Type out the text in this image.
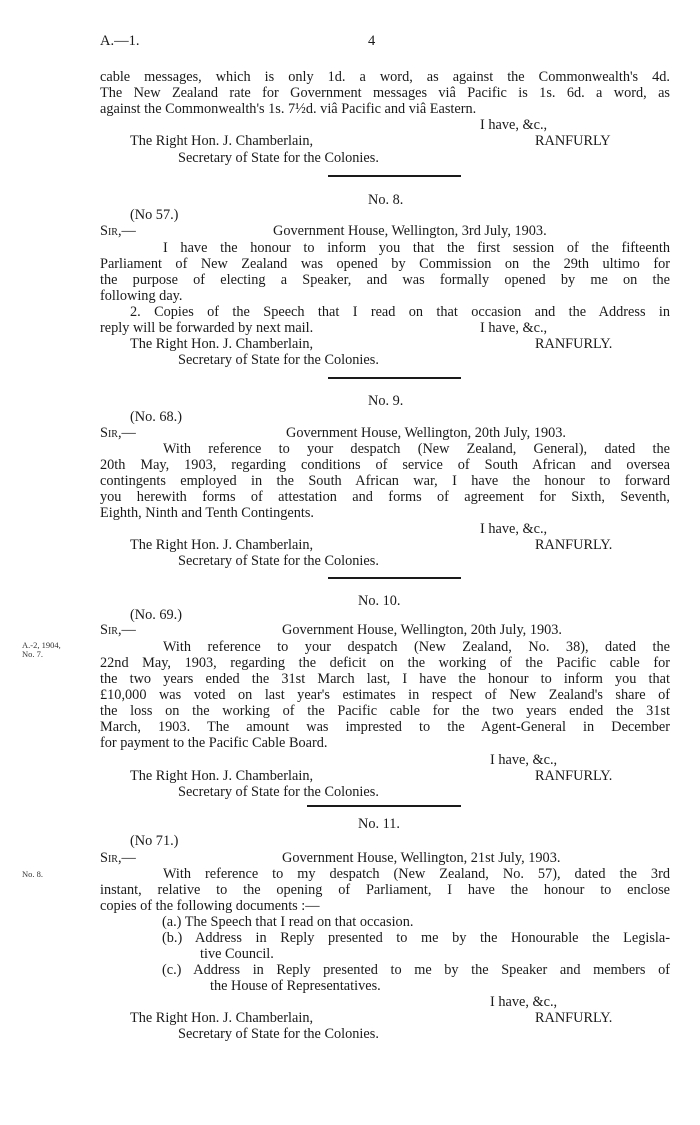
A.—1.	4
cable messages, which is only 1d. a word, as against the Commonwealth's 4d.
The New Zealand rate for Government messages viâ Pacific is 1s. 6d. a word, as
against the Commonwealth's 1s. 7½d. viâ Pacific and viâ Eastern.
I have, &c.,
The Right Hon. J. Chamberlain,	RANFURLY
Secretary of State for the Colonies.
No. 8.
(No 57.)
Sir,—	Government House, Wellington, 3rd July, 1903.
I have the honour to inform you that the first session of the fifteenth
Parliament of New Zealand was opened by Commission on the 29th ultimo for
the purpose of electing a Speaker, and was formally opened by me on the
following day.
2. Copies of the Speech that I read on that occasion and the Address in
reply will be forwarded by next mail.	I have, &c.,
The Right Hon. J. Chamberlain,	RANFURLY.
Secretary of State for the Colonies.
No. 9.
(No. 68.)
Sir,—	Government House, Wellington, 20th July, 1903.
With reference to your despatch (New Zealand, General), dated the
20th May, 1903, regarding conditions of service of South African and oversea
contingents employed in the South African war, I have the honour to forward
you herewith forms of attestation and forms of agreement for Sixth, Seventh,
Eighth, Ninth and Tenth Contingents.
I have, &c.,
The Right Hon. J. Chamberlain,	RANFURLY.
Secretary of State for the Colonies.
No. 10.
(No. 69.)
Sir,—	Government House, Wellington, 20th July, 1903.
A.-2, 1904,
No. 7.	With reference to your despatch (New Zealand, No. 38), dated the
22nd May, 1903, regarding the deficit on the working of the Pacific cable for
the two years ended the 31st March last, I have the honour to inform you that
£10,000 was voted on last year's estimates in respect of New Zealand's share of
the loss on the working of the Pacific cable for the two years ended the 31st
March, 1903. The amount was imprested to the Agent-General in December
for payment to the Pacific Cable Board.
I have, &c.,
The Right Hon. J. Chamberlain,	RANFURLY.
Secretary of State for the Colonies.
No. 11.
(No 71.)
Sir,—	Government House, Wellington, 21st July, 1903.
No. 8.	With reference to my despatch (New Zealand, No. 57), dated the 3rd
instant, relative to the opening of Parliament, I have the honour to enclose
copies of the following documents :—
(a.) The Speech that I read on that occasion.
(b.) Address in Reply presented to me by the Honourable the Legisla-
tive Council.
(c.) Address in Reply presented to me by the Speaker and members of
the House of Representatives.
I have, &c.,
The Right Hon. J. Chamberlain,	RANFURLY.
Secretary of State for the Colonies.
